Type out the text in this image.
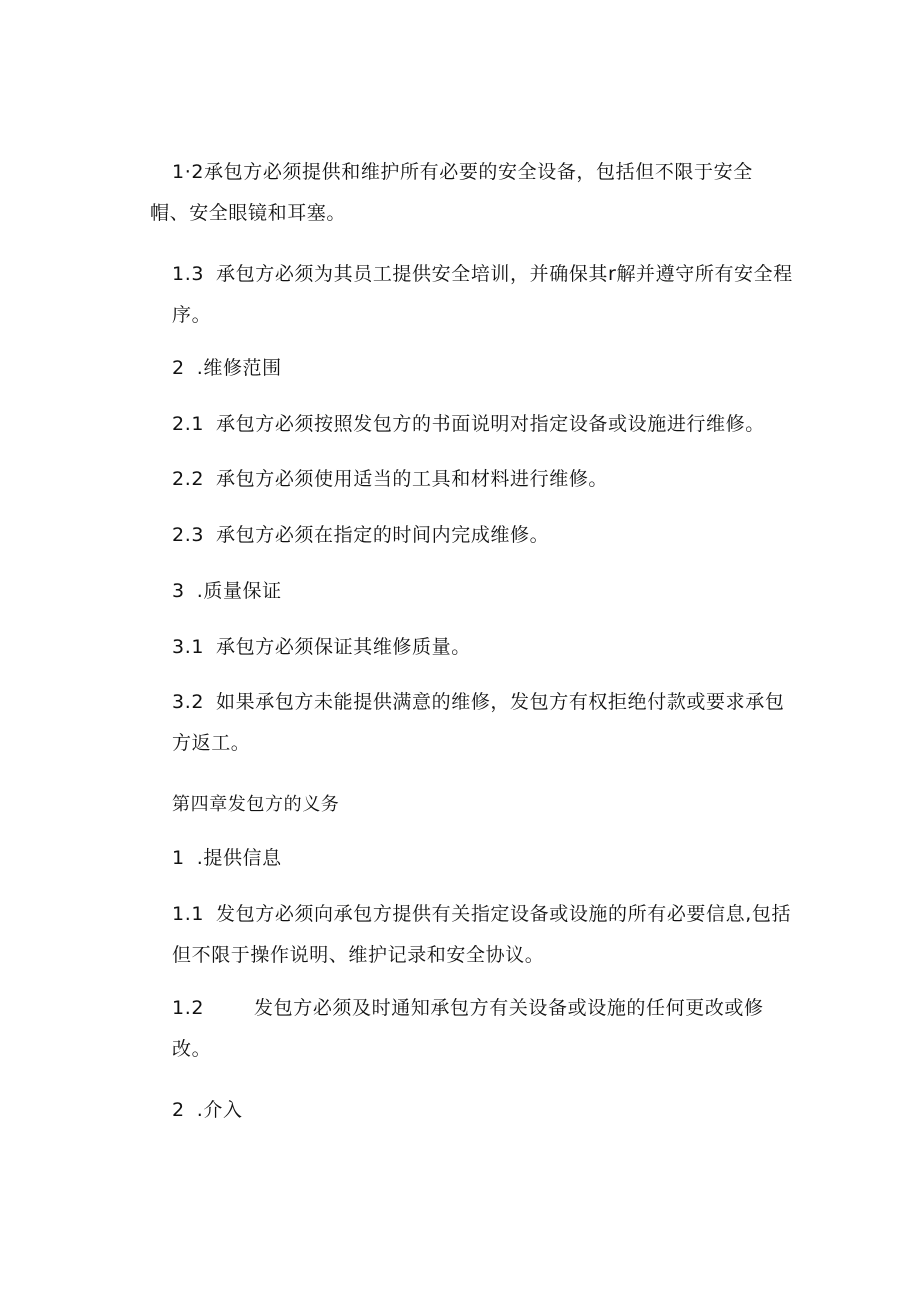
1·2承包方必须提供和维护所有必要的安全设备，包括但不限于安全帽、安全眼镜和耳塞。

1.3 承包方必须为其员工提供安全培训，并确保其r解并遵守所有安全程序。

2 .维修范围

2.1 承包方必须按照发包方的书面说明对指定设备或设施进行维修。

2.2 承包方必须使用适当的工具和材料进行维修。

2.3 承包方必须在指定的时间内完成维修。

3 .质量保证

3.1 承包方必须保证其维修质量。

3.2 如果承包方未能提供满意的维修，发包方有权拒绝付款或要求承包方返工。

第四章发包方的义务

1 .提供信息

1.1 发包方必须向承包方提供有关指定设备或设施的所有必要信息,包括但不限于操作说明、维护记录和安全协议。

1.2	发包方必须及时通知承包方有关设备或设施的任何更改或修改。

2 .介入
